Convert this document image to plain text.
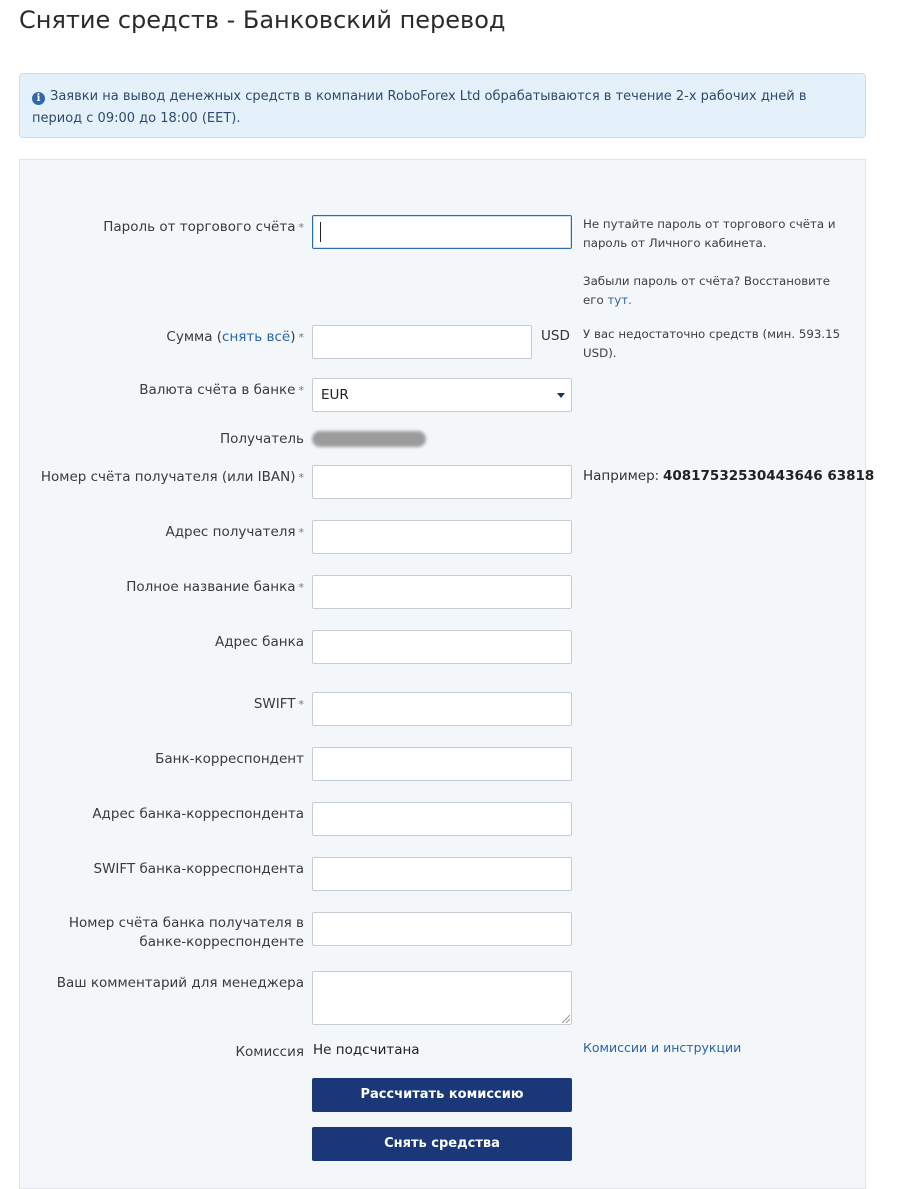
Снятие средств - Банковский перевод
i Заявки на вывод денежных средств в компании RoboForex Ltd обрабатываются в течение 2-х рабочих дней в период с 09:00 до 18:00 (EET).
Пароль от торгового счёта *	Не путайте пароль от торгового счёта и пароль от Личного кабинета.
Забыли пароль от счёта? Восстановите его тут.
Сумма (снять всё) *	USD У вас недостаточно средств (мин. 593.15 USD).
Валюта счёта в банке *	EUR
Получатель
Номер счёта получателя (или IBAN) *	Например: 40817532530443646 63818
Адрес получателя *
Полное название банка *
Адрес банка
SWIFT *
Банк-корреспондент
Адрес банка-корреспондента
SWIFT банка-корреспондента
Номер счёта банка получателя в
банке-корреспонденте
Ваш комментарий для менеджера
Комиссия Не подсчитана	Комиссии и инструкции
Рассчитать комиссию
Снять средства
